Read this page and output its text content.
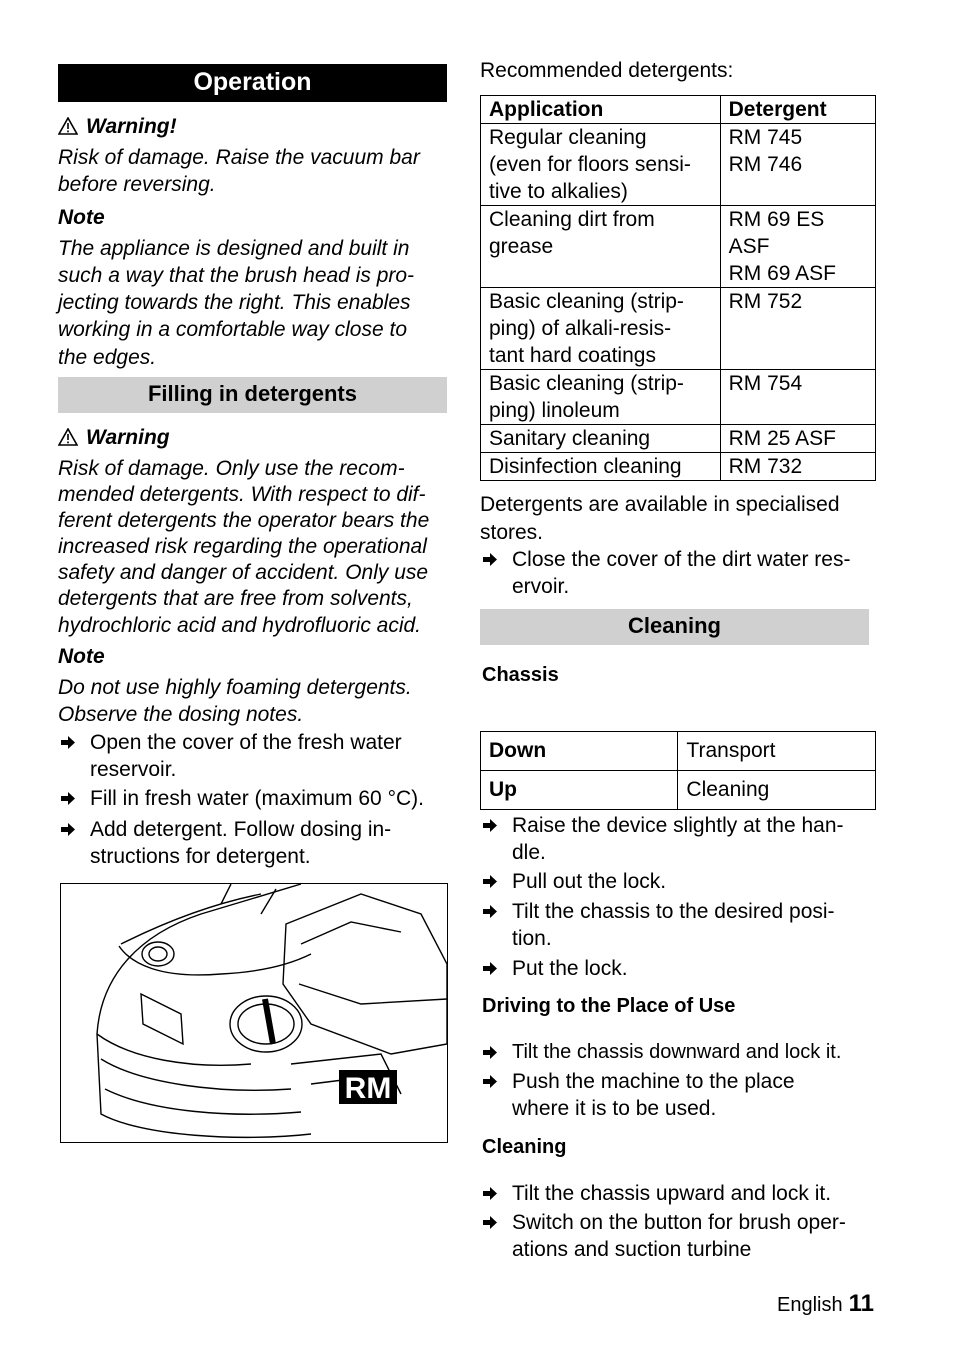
Operation
Warning!
Risk of damage. Raise the vacuum bar
before reversing.
Note
The appliance is designed and built in
such a way that the brush head is pro-
jecting towards the right. This enables
working in a comfortable way close to
the edges.
Filling in detergents
Warning
Risk of damage. Only use the recom-
mended detergents. With respect to dif-
ferent detergents the operator bears the
increased risk regarding the operational
safety and danger of accident. Only use
detergents that are free from solvents,
hydrochloric acid and hydrofluoric acid.
Note
Do not use highly foaming detergents.
Observe the dosing notes.
Open the cover of the fresh water
reservoir.
Fill in fresh water (maximum 60 °C).
Add detergent. Follow dosing in-
structions for detergent.
RM
Recommended detergents:
Application	Detergent

Regular cleaning
(even for floors sensi-
tive to alkalies)	RM 745
RM 746

Cleaning dirt from
grease	RM 69 ES
ASF
RM 69 ASF

Basic cleaning (strip-
ping) of alkali-resis-
tant hard coatings	RM 752

Basic cleaning (strip-
ping) linoleum	RM 754

Sanitary cleaning	RM 25 ASF

Disinfection cleaning	RM 732
Detergents are available in specialised
stores.
Close the cover of the dirt water res-
ervoir.
Cleaning
Chassis
Down	Transport
Up	Cleaning
Raise the device slightly at the han-
dle.
Pull out the lock.
Tilt the chassis to the desired posi-
tion.
Put the lock.
Driving to the Place of Use
Tilt the chassis downward and lock it.
Push the machine to the place
where it is to be used.
Cleaning
Tilt the chassis upward and lock it.
Switch on the button for brush oper-
ations and suction turbine
English 11
